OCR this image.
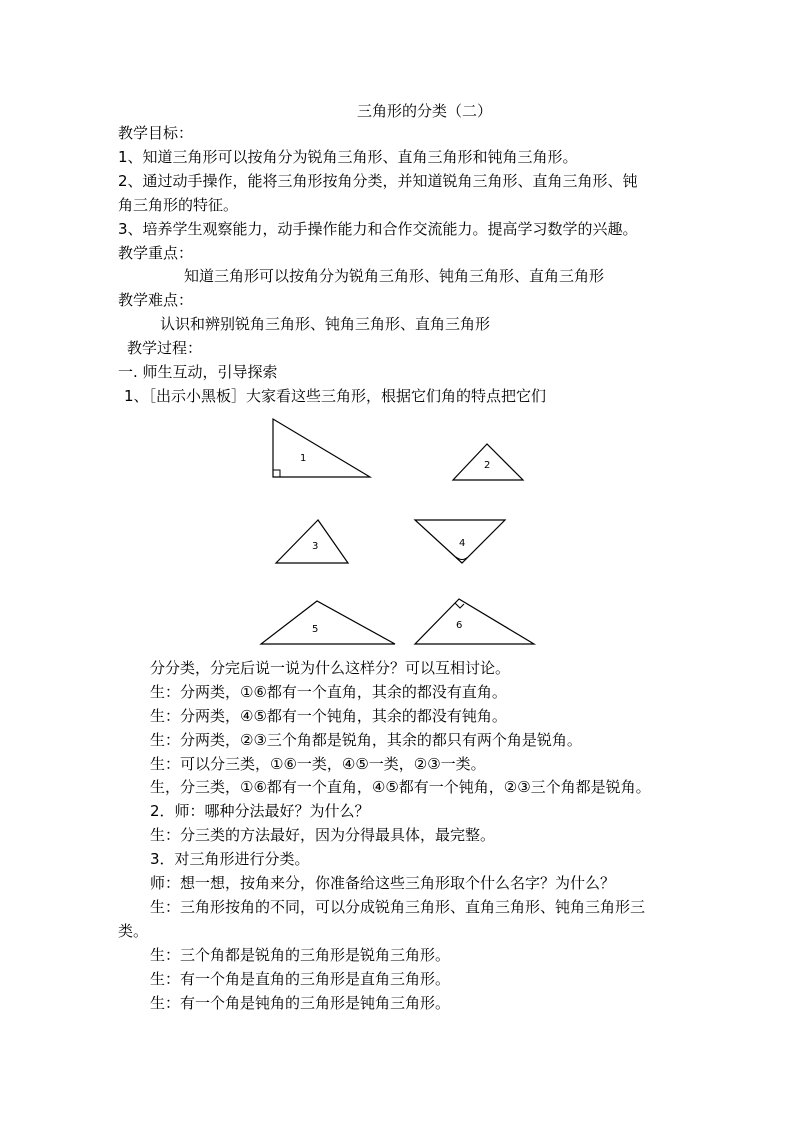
三角形的分类（二）
教学目标：
1、知道三角形可以按角分为锐角三角形、直角三角形和钝角三角形。
2、通过动手操作，能将三角形按角分类，并知道锐角三角形、直角三角形、钝
角三角形的特征。
3、培养学生观察能力，动手操作能力和合作交流能力。提高学习数学的兴趣。
教学重点：
知道三角形可以按角分为锐角三角形、钝角三角形、直角三角形
教学难点：
认识和辨别锐角三角形、钝角三角形、直角三角形
教学过程：
一. 师生互动，引导探索
1、［出示小黑板］大家看这些三角形，根据它们角的特点把它们
1
2
3	4
5	6
分分类，分完后说一说为什么这样分？可以互相讨论。
生：分两类，①⑥都有一个直角，其余的都没有直角。
生：分两类，④⑤都有一个钝角，其余的都没有钝角。
生：分两类，②③三个角都是锐角，其余的都只有两个角是锐角。
生：可以分三类，①⑥一类，④⑤一类，②③一类。
生，分三类，①⑥都有一个直角，④⑤都有一个钝角，②③三个角都是锐角。
2．师：哪种分法最好？为什么？
生：分三类的方法最好，因为分得最具体，最完整。
3．对三角形进行分类。
师：想一想，按角来分，你准备给这些三角形取个什么名字？为什么？
生：三角形按角的不同，可以分成锐角三角形、直角三角形、钝角三角形三
类。
生：三个角都是锐角的三角形是锐角三角形。
生：有一个角是直角的三角形是直角三角形。
生：有一个角是钝角的三角形是钝角三角形。
